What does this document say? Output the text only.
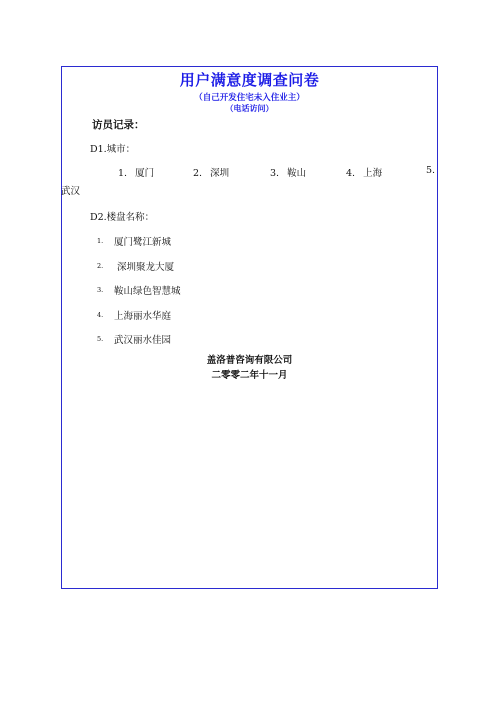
用户满意度调查问卷
（自己开发住宅未入住业主）
（电话访问）
访员记录：
D1.城市：
1. 厦门	2. 深圳	3. 鞍山	4. 上海	5.
武汉
D2.楼盘名称：
1.	厦门鹭江新城
2.	深圳聚龙大厦
3.	鞍山绿色智慧城
4.	上海丽水华庭
5.	武汉丽水佳园
盖洛普咨询有限公司
二零零二年十一月
